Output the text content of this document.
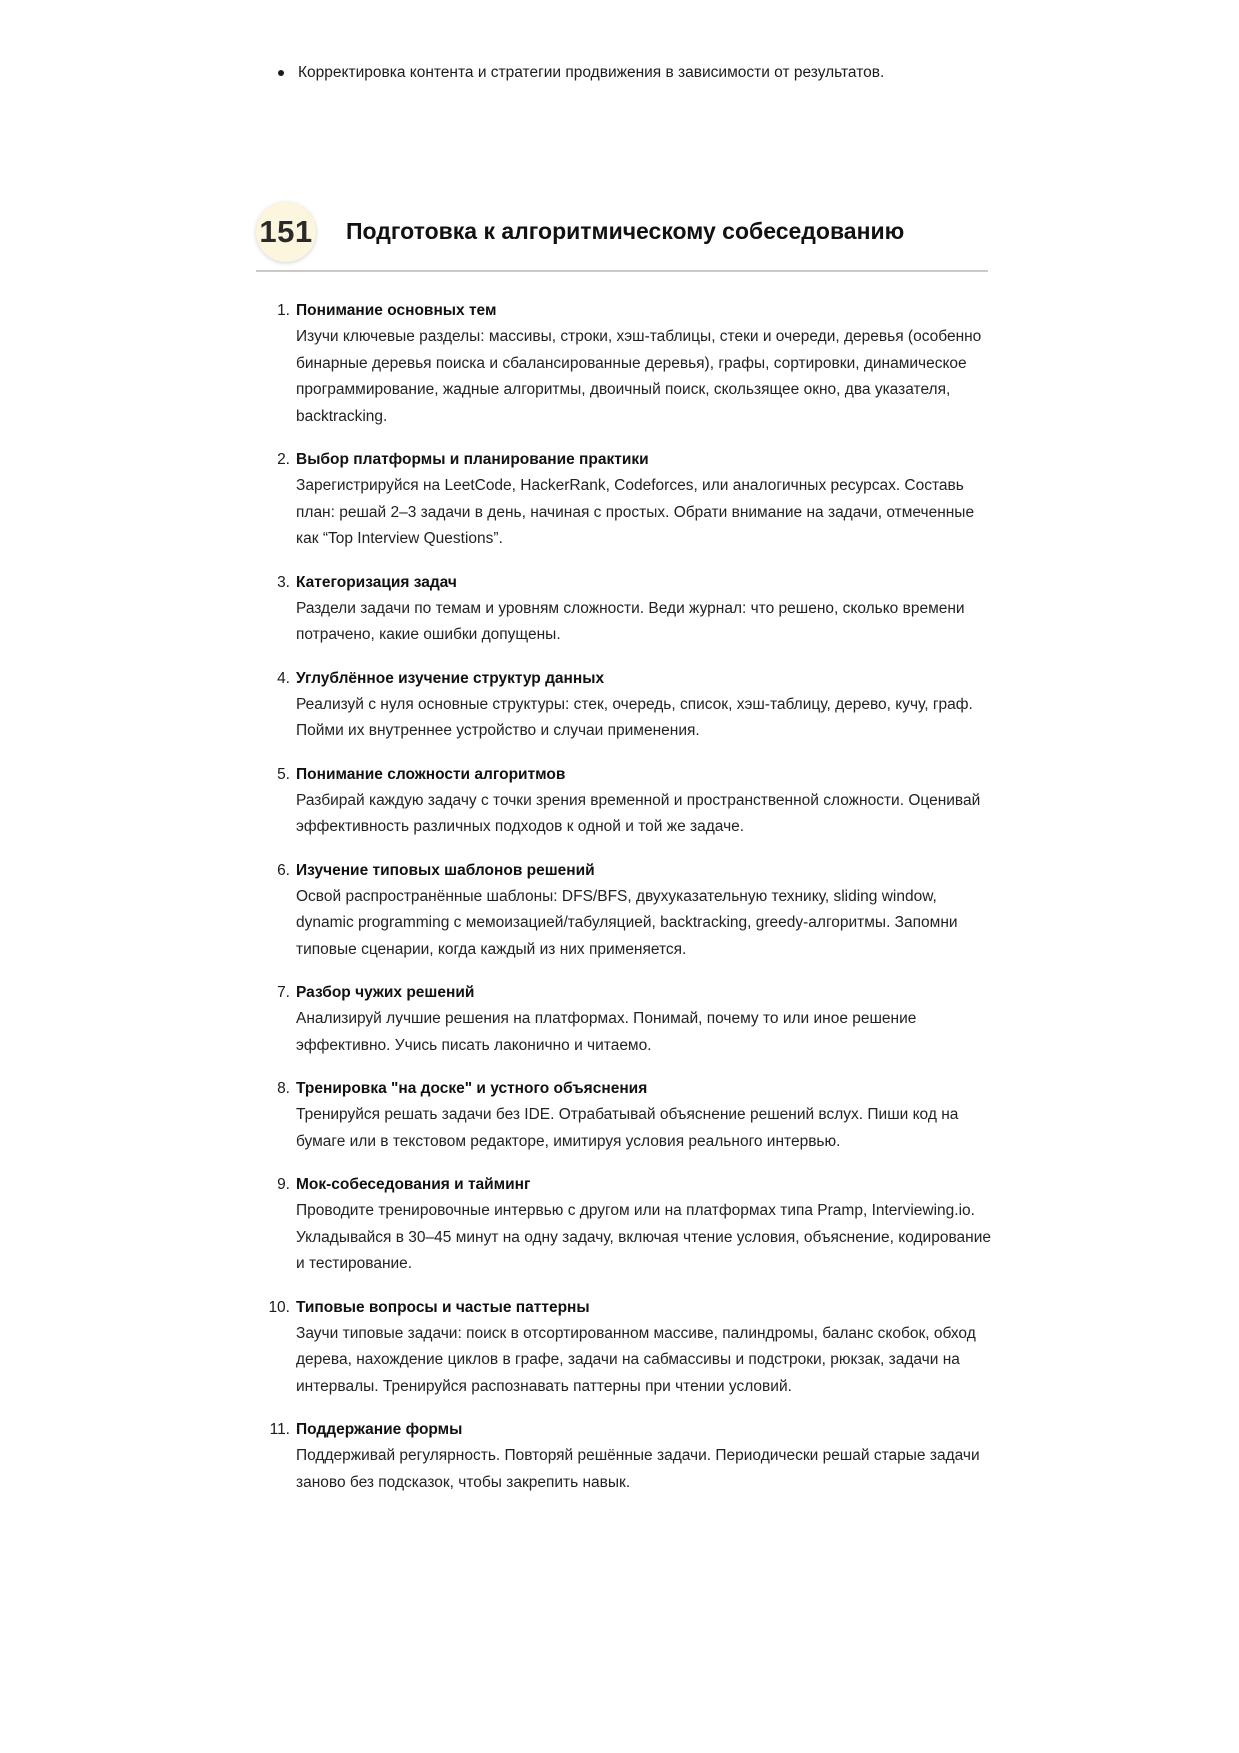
Корректировка контента и стратегии продвижения в зависимости от результатов.
151 Подготовка к алгоритмическому собеседованию
1. Понимание основных тем
Изучи ключевые разделы: массивы, строки, хэш-таблицы, стеки и очереди, деревья (особенно бинарные деревья поиска и сбалансированные деревья), графы, сортировки, динамическое программирование, жадные алгоритмы, двоичный поиск, скользящее окно, два указателя, backtracking.
2. Выбор платформы и планирование практики
Зарегистрируйся на LeetCode, HackerRank, Codeforces, или аналогичных ресурсах. Составь план: решай 2–3 задачи в день, начиная с простых. Обрати внимание на задачи, отмеченные как “Top Interview Questions”.
3. Категоризация задач
Раздели задачи по темам и уровням сложности. Веди журнал: что решено, сколько времени потрачено, какие ошибки допущены.
4. Углублённое изучение структур данных
Реализуй с нуля основные структуры: стек, очередь, список, хэш-таблицу, дерево, кучу, граф. Пойми их внутреннее устройство и случаи применения.
5. Понимание сложности алгоритмов
Разбирай каждую задачу с точки зрения временной и пространственной сложности. Оценивай эффективность различных подходов к одной и той же задаче.
6. Изучение типовых шаблонов решений
Освой распространённые шаблоны: DFS/BFS, двухуказательную технику, sliding window, dynamic programming с мемоизацией/табуляцией, backtracking, greedy-алгоритмы. Запомни типовые сценарии, когда каждый из них применяется.
7. Разбор чужих решений
Анализируй лучшие решения на платформах. Понимай, почему то или иное решение эффективно. Учись писать лаконично и читаемо.
8. Тренировка "на доске" и устного объяснения
Тренируйся решать задачи без IDE. Отрабатывай объяснение решений вслух. Пиши код на бумаге или в текстовом редакторе, имитируя условия реального интервью.
9. Мок-собеседования и тайминг
Проводите тренировочные интервью с другом или на платформах типа Pramp, Interviewing.io. Укладывайся в 30–45 минут на одну задачу, включая чтение условия, объяснение, кодирование и тестирование.
10. Типовые вопросы и частые паттерны
Заучи типовые задачи: поиск в отсортированном массиве, палиндромы, баланс скобок, обход дерева, нахождение циклов в графе, задачи на сабмассивы и подстроки, рюкзак, задачи на интервалы. Тренируйся распознавать паттерны при чтении условий.
11. Поддержание формы
Поддерживай регулярность. Повторяй решённые задачи. Периодически решай старые задачи заново без подсказок, чтобы закрепить навык.
